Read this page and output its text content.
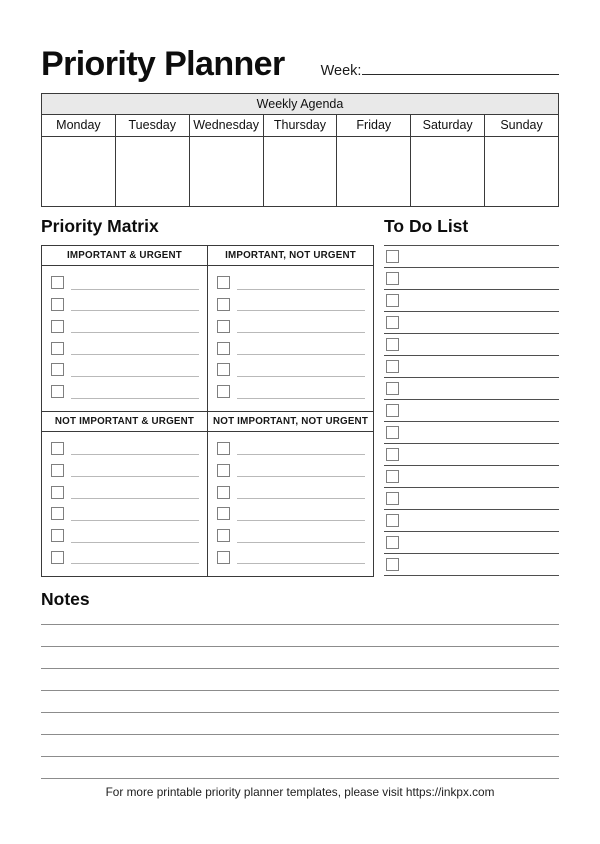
Priority Planner Week:
Weekly Agenda						
Monday	Tuesday	Wednesday	Thursday	Friday	Saturday	Sunday

Priority Matrix
IMPORTANT & URGENT	IMPORTANT, NOT URGENT

NOT IMPORTANT & URGENT	NOT IMPORTANT, NOT URGENT

To Do List
Notes
For more printable priority planner templates, please visit https://inkpx.com
